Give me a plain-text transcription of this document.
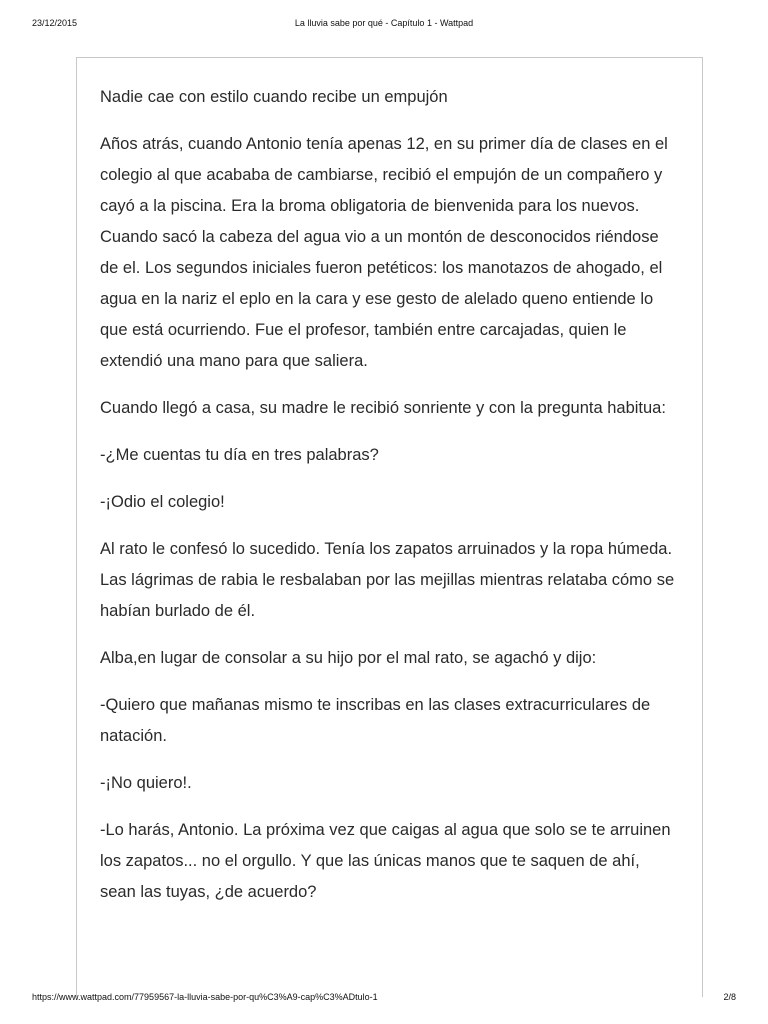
23/12/2015	La lluvia sabe por qué - Capítulo 1 - Wattpad

Nadie cae con estilo cuando recibe un empujón

Años atrás, cuando Antonio tenía apenas 12, en su primer día de clases en el colegio al que acababa de cambiarse, recibió el empujón de un compañero y cayó a la piscina. Era la broma obligatoria de bienvenida para los nuevos. Cuando sacó la cabeza del agua vio a un montón de desconocidos riéndose de el. Los segundos iniciales fueron petéticos: los manotazos de ahogado, el agua en la nariz el eplo en la cara y ese gesto de alelado queno entiende lo que está ocurriendo. Fue el profesor, también entre carcajadas, quien le extendió una mano para que saliera.

Cuando llegó a casa, su madre le recibió sonriente y con la pregunta habitua:

-¿Me cuentas tu día en tres palabras?

-¡Odio el colegio!

Al rato le confesó lo sucedido. Tenía los zapatos arruinados y la ropa húmeda. Las lágrimas de rabia le resbalaban por las mejillas mientras relataba cómo se habían burlado de él.

Alba,en lugar de consolar a su hijo por el mal rato, se agachó y dijo:

-Quiero que mañanas mismo te inscribas en las clases extracurriculares de natación.

-¡No quiero!.

-Lo harás, Antonio. La próxima vez que caigas al agua que solo se te arruinen los zapatos... no el orgullo. Y que las únicas manos que te saquen de ahí, sean las tuyas, ¿de acuerdo?

https://www.wattpad.com/77959567-la-lluvia-sabe-por-qu%C3%A9-cap%C3%ADtulo-1	2/8
